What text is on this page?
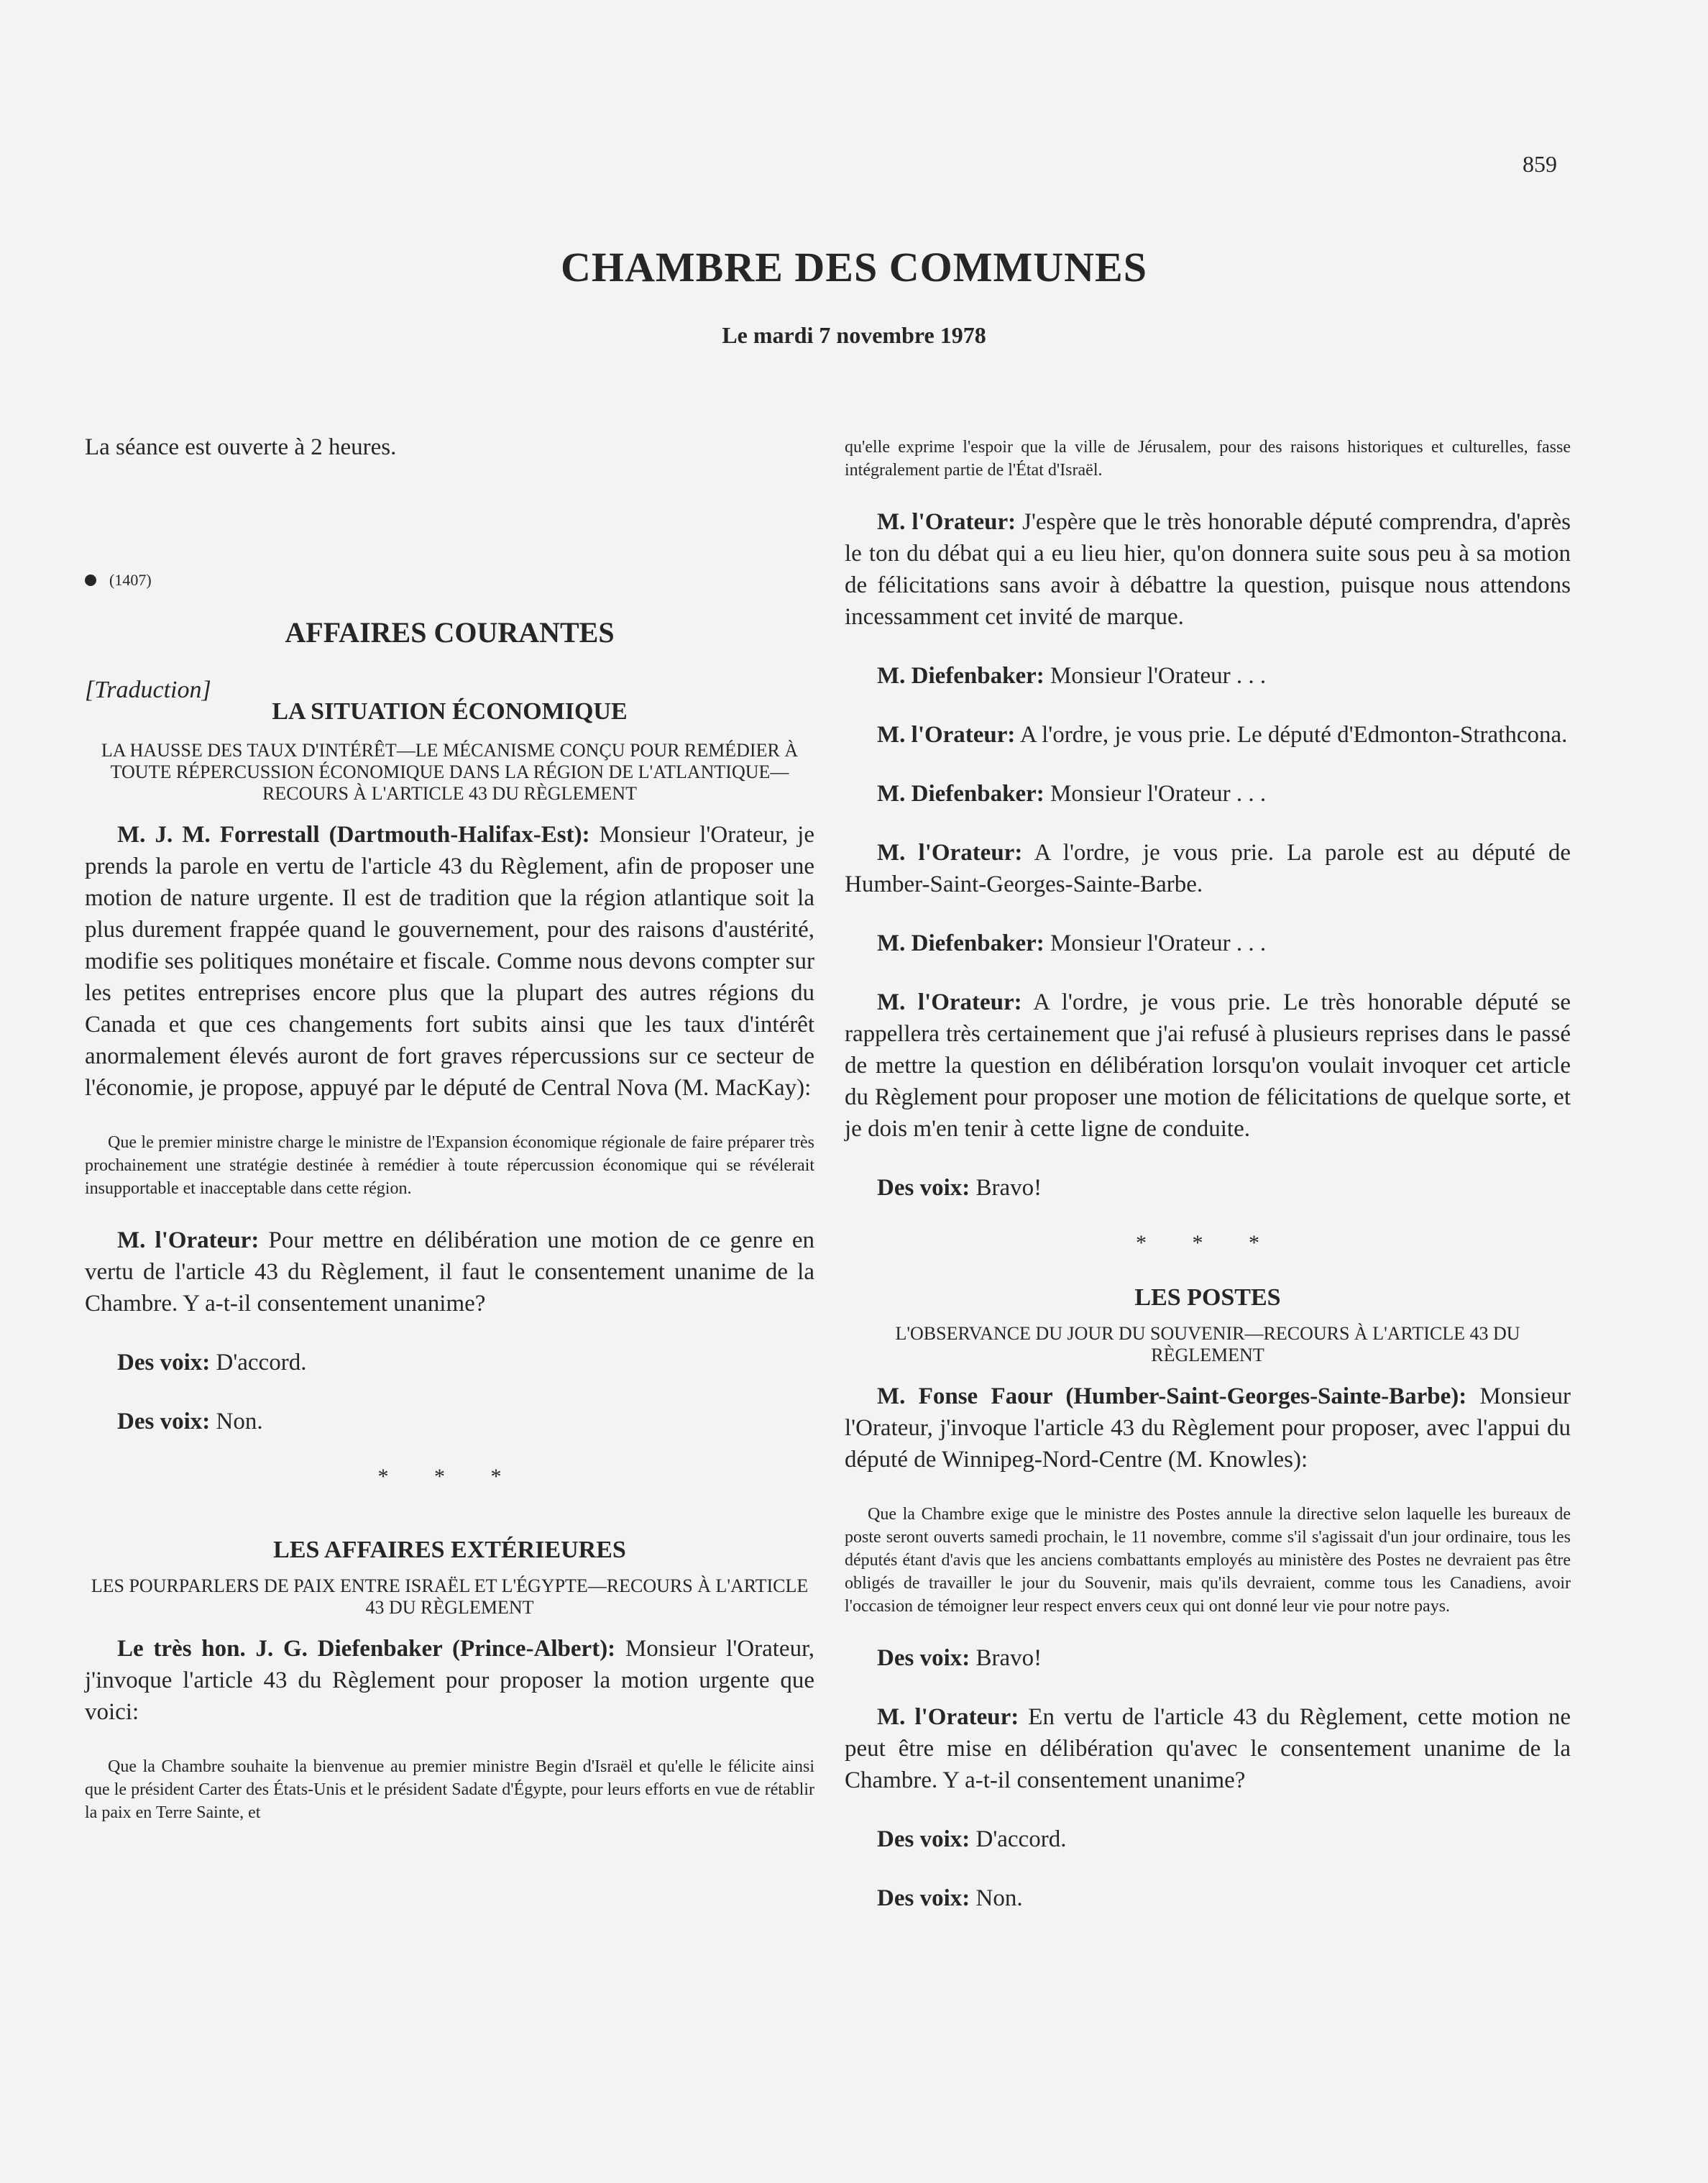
859
CHAMBRE DES COMMUNES
Le mardi 7 novembre 1978

La séance est ouverte à 2 heures.

(1407)
AFFAIRES COURANTES
[Traduction]
LA SITUATION ÉCONOMIQUE

LA HAUSSE DES TAUX D'INTÉRÊT—LE MÉCANISME CONÇU POUR REMÉDIER À TOUTE RÉPERCUSSION ÉCONOMIQUE DANS LA RÉGION DE L'ATLANTIQUE—RECOURS À L'ARTICLE 43 DU RÈGLEMENT

M. J. M. Forrestall (Dartmouth-Halifax-Est): Monsieur l'Orateur, je prends la parole en vertu de l'article 43 du Règlement, afin de proposer une motion de nature urgente. Il est de tradition que la région atlantique soit la plus durement frappée quand le gouvernement, pour des raisons d'austérité, modifie ses politiques monétaire et fiscale. Comme nous devons compter sur les petites entreprises encore plus que la plupart des autres régions du Canada et que ces changements fort subits ainsi que les taux d'intérêt anormalement élevés auront de fort graves répercussions sur ce secteur de l'économie, je propose, appuyé par le député de Central Nova (M. MacKay):

Que le premier ministre charge le ministre de l'Expansion économique régionale de faire préparer très prochainement une stratégie destinée à remédier à toute répercussion économique qui se révélerait insupportable et inacceptable dans cette région.

M. l'Orateur: Pour mettre en délibération une motion de ce genre en vertu de l'article 43 du Règlement, il faut le consentement unanime de la Chambre. Y a-t-il consentement unanime?

Des voix: D'accord.

Des voix: Non.

* * *
LES AFFAIRES EXTÉRIEURES

LES POURPARLERS DE PAIX ENTRE ISRAËL ET L'ÉGYPTE—RECOURS À L'ARTICLE 43 DU RÈGLEMENT

Le très hon. J. G. Diefenbaker (Prince-Albert): Monsieur l'Orateur, j'invoque l'article 43 du Règlement pour proposer la motion urgente que voici:

Que la Chambre souhaite la bienvenue au premier ministre Begin d'Israël et qu'elle le félicite ainsi que le président Carter des États-Unis et le président Sadate d'Égypte, pour leurs efforts en vue de rétablir la paix en Terre Sainte, et

qu'elle exprime l'espoir que la ville de Jérusalem, pour des raisons historiques et culturelles, fasse intégralement partie de l'État d'Israël.

M. l'Orateur: J'espère que le très honorable député comprendra, d'après le ton du débat qui a eu lieu hier, qu'on donnera suite sous peu à sa motion de félicitations sans avoir à débattre la question, puisque nous attendons incessamment cet invité de marque.

M. Diefenbaker: Monsieur l'Orateur . . .

M. l'Orateur: A l'ordre, je vous prie. Le député d'Edmonton-Strathcona.

M. Diefenbaker: Monsieur l'Orateur . . .

M. l'Orateur: A l'ordre, je vous prie. La parole est au député de Humber-Saint-Georges-Sainte-Barbe.

M. Diefenbaker: Monsieur l'Orateur . . .

M. l'Orateur: A l'ordre, je vous prie. Le très honorable député se rappellera très certainement que j'ai refusé à plusieurs reprises dans le passé de mettre la question en délibération lorsqu'on voulait invoquer cet article du Règlement pour proposer une motion de félicitations de quelque sorte, et je dois m'en tenir à cette ligne de conduite.

Des voix: Bravo!

* * *
LES POSTES

L'OBSERVANCE DU JOUR DU SOUVENIR—RECOURS À L'ARTICLE 43 DU RÈGLEMENT

M. Fonse Faour (Humber-Saint-Georges-Sainte-Barbe): Monsieur l'Orateur, j'invoque l'article 43 du Règlement pour proposer, avec l'appui du député de Winnipeg-Nord-Centre (M. Knowles):

Que la Chambre exige que le ministre des Postes annule la directive selon laquelle les bureaux de poste seront ouverts samedi prochain, le 11 novembre, comme s'il s'agissait d'un jour ordinaire, tous les députés étant d'avis que les anciens combattants employés au ministère des Postes ne devraient pas être obligés de travailler le jour du Souvenir, mais qu'ils devraient, comme tous les Canadiens, avoir l'occasion de témoigner leur respect envers ceux qui ont donné leur vie pour notre pays.

Des voix: Bravo!

M. l'Orateur: En vertu de l'article 43 du Règlement, cette motion ne peut être mise en délibération qu'avec le consentement unanime de la Chambre. Y a-t-il consentement unanime?

Des voix: D'accord.

Des voix: Non.
